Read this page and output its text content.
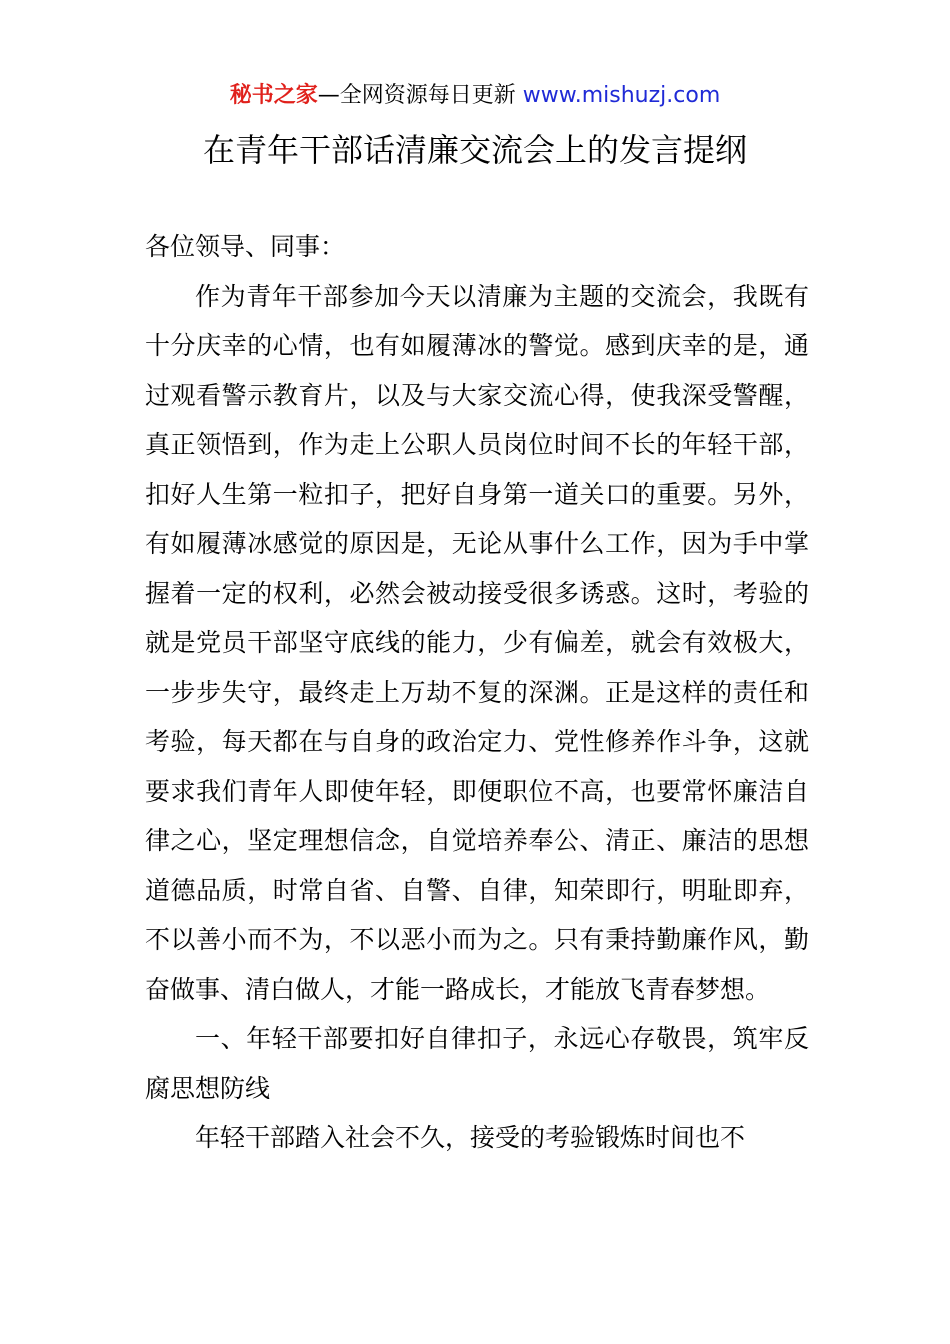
秘书之家—全网资源每日更新 www.mishuzj.com
在青年干部话清廉交流会上的发言提纲

各位领导、同事：

作为青年干部参加今天以清廉为主题的交流会，我既有十分庆幸的心情，也有如履薄冰的警觉。感到庆幸的是，通过观看警示教育片，以及与大家交流心得，使我深受警醒，真正领悟到，作为走上公职人员岗位时间不长的年轻干部，扣好人生第一粒扣子，把好自身第一道关口的重要。另外，有如履薄冰感觉的原因是，无论从事什么工作，因为手中掌握着一定的权利，必然会被动接受很多诱惑。这时，考验的就是党员干部坚守底线的能力，少有偏差，就会有效极大，一步步失守，最终走上万劫不复的深渊。正是这样的责任和考验，每天都在与自身的政治定力、党性修养作斗争，这就要求我们青年人即使年轻，即便职位不高，也要常怀廉洁自律之心，坚定理想信念，自觉培养奉公、清正、廉洁的思想道德品质，时常自省、自警、自律，知荣即行，明耻即弃，不以善小而不为，不以恶小而为之。只有秉持勤廉作风，勤奋做事、清白做人，才能一路成长，才能放飞青春梦想。

一、年轻干部要扣好自律扣子，永远心存敬畏，筑牢反腐思想防线

年轻干部踏入社会不久，接受的考验锻炼时间也不
